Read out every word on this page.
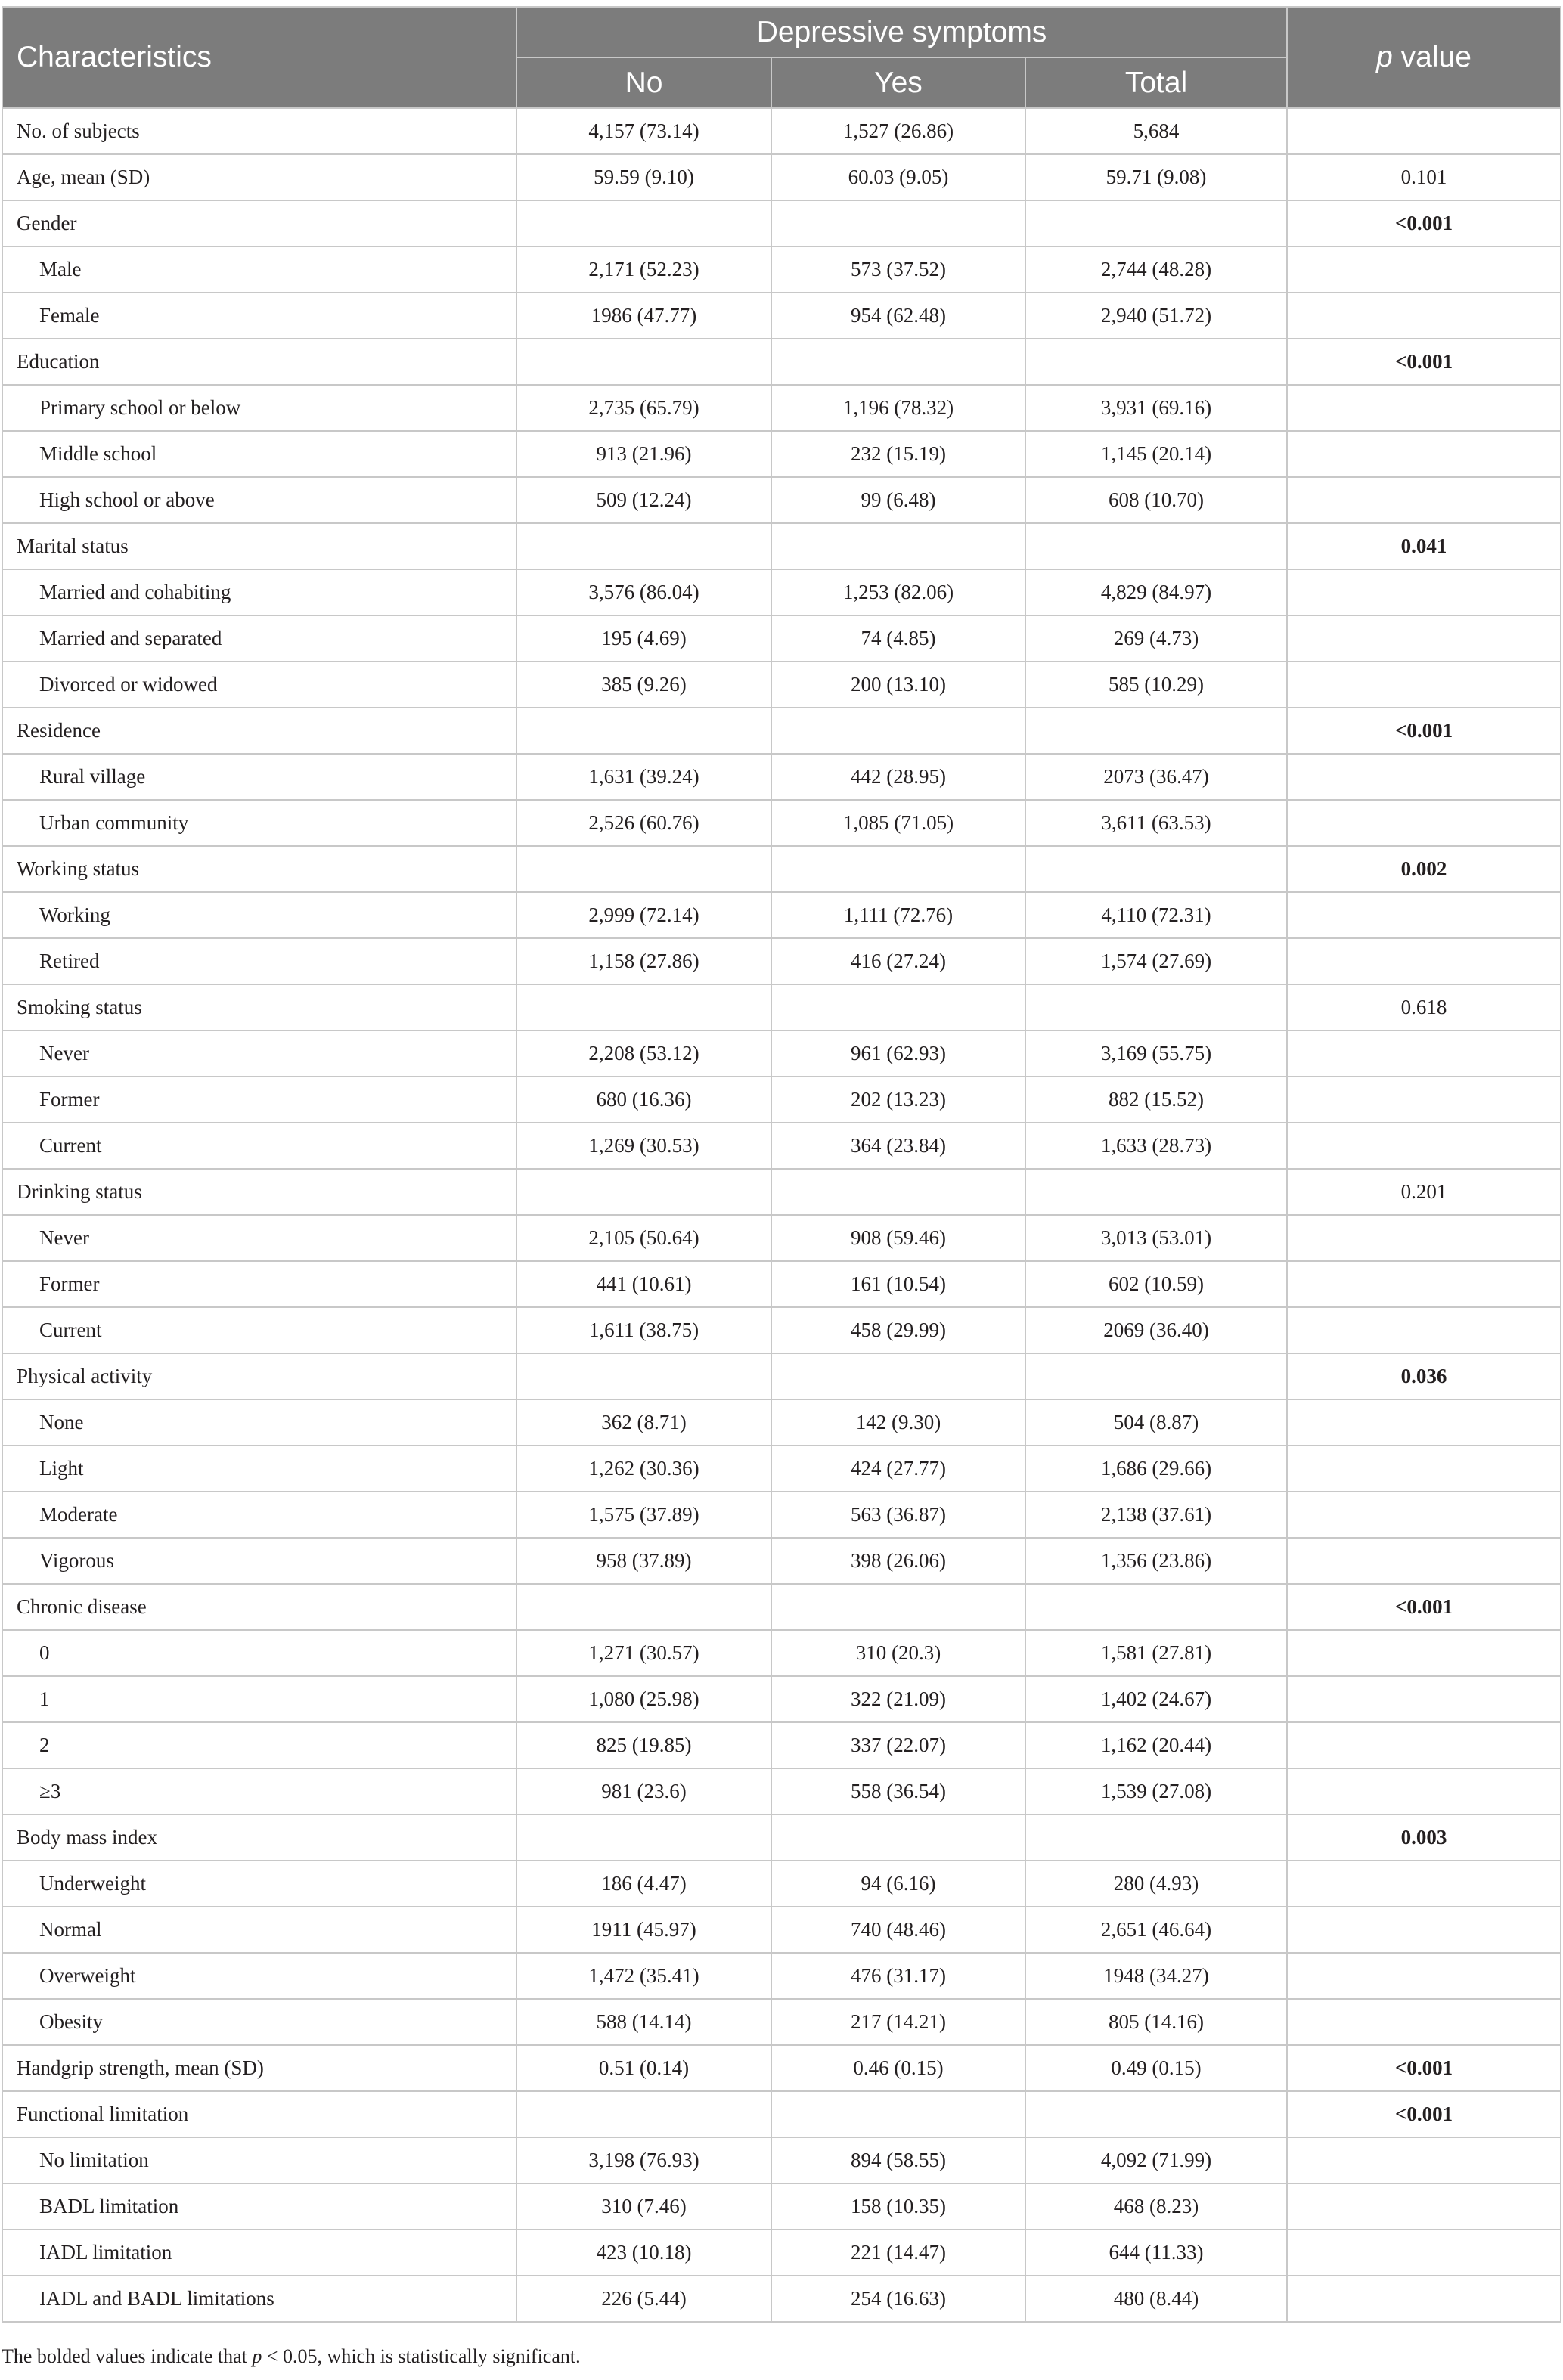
Characteristics	Depressive symptoms			p value
	No	Yes	Total	
No. of subjects	4,157 (73.14)	1,527 (26.86)	5,684	
Age, mean (SD)	59.59 (9.10)	60.03 (9.05)	59.71 (9.08)	0.101
Gender				<0.001
Male	2,171 (52.23)	573 (37.52)	2,744 (48.28)	
Female	1986 (47.77)	954 (62.48)	2,940 (51.72)	
Education				<0.001
Primary school or below	2,735 (65.79)	1,196 (78.32)	3,931 (69.16)	
Middle school	913 (21.96)	232 (15.19)	1,145 (20.14)	
High school or above	509 (12.24)	99 (6.48)	608 (10.70)	
Marital status				0.041
Married and cohabiting	3,576 (86.04)	1,253 (82.06)	4,829 (84.97)	
Married and separated	195 (4.69)	74 (4.85)	269 (4.73)	
Divorced or widowed	385 (9.26)	200 (13.10)	585 (10.29)	
Residence				<0.001
Rural village	1,631 (39.24)	442 (28.95)	2073 (36.47)	
Urban community	2,526 (60.76)	1,085 (71.05)	3,611 (63.53)	
Working status				0.002
Working	2,999 (72.14)	1,111 (72.76)	4,110 (72.31)	
Retired	1,158 (27.86)	416 (27.24)	1,574 (27.69)	
Smoking status				0.618
Never	2,208 (53.12)	961 (62.93)	3,169 (55.75)	
Former	680 (16.36)	202 (13.23)	882 (15.52)	
Current	1,269 (30.53)	364 (23.84)	1,633 (28.73)	
Drinking status				0.201
Never	2,105 (50.64)	908 (59.46)	3,013 (53.01)	
Former	441 (10.61)	161 (10.54)	602 (10.59)	
Current	1,611 (38.75)	458 (29.99)	2069 (36.40)	
Physical activity				0.036
None	362 (8.71)	142 (9.30)	504 (8.87)	
Light	1,262 (30.36)	424 (27.77)	1,686 (29.66)	
Moderate	1,575 (37.89)	563 (36.87)	2,138 (37.61)	
Vigorous	958 (37.89)	398 (26.06)	1,356 (23.86)	
Chronic disease				<0.001
0	1,271 (30.57)	310 (20.3)	1,581 (27.81)	
1	1,080 (25.98)	322 (21.09)	1,402 (24.67)	
2	825 (19.85)	337 (22.07)	1,162 (20.44)	
≥3	981 (23.6)	558 (36.54)	1,539 (27.08)	
Body mass index				0.003
Underweight	186 (4.47)	94 (6.16)	280 (4.93)	
Normal	1911 (45.97)	740 (48.46)	2,651 (46.64)	
Overweight	1,472 (35.41)	476 (31.17)	1948 (34.27)	
Obesity	588 (14.14)	217 (14.21)	805 (14.16)	
Handgrip strength, mean (SD)	0.51 (0.14)	0.46 (0.15)	0.49 (0.15)	<0.001
Functional limitation				<0.001
No limitation	3,198 (76.93)	894 (58.55)	4,092 (71.99)	
BADL limitation	310 (7.46)	158 (10.35)	468 (8.23)	
IADL limitation	423 (10.18)	221 (14.47)	644 (11.33)	
IADL and BADL limitations	226 (5.44)	254 (16.63)	480 (8.44)	
The bolded values indicate that p < 0.05, which is statistically significant.
